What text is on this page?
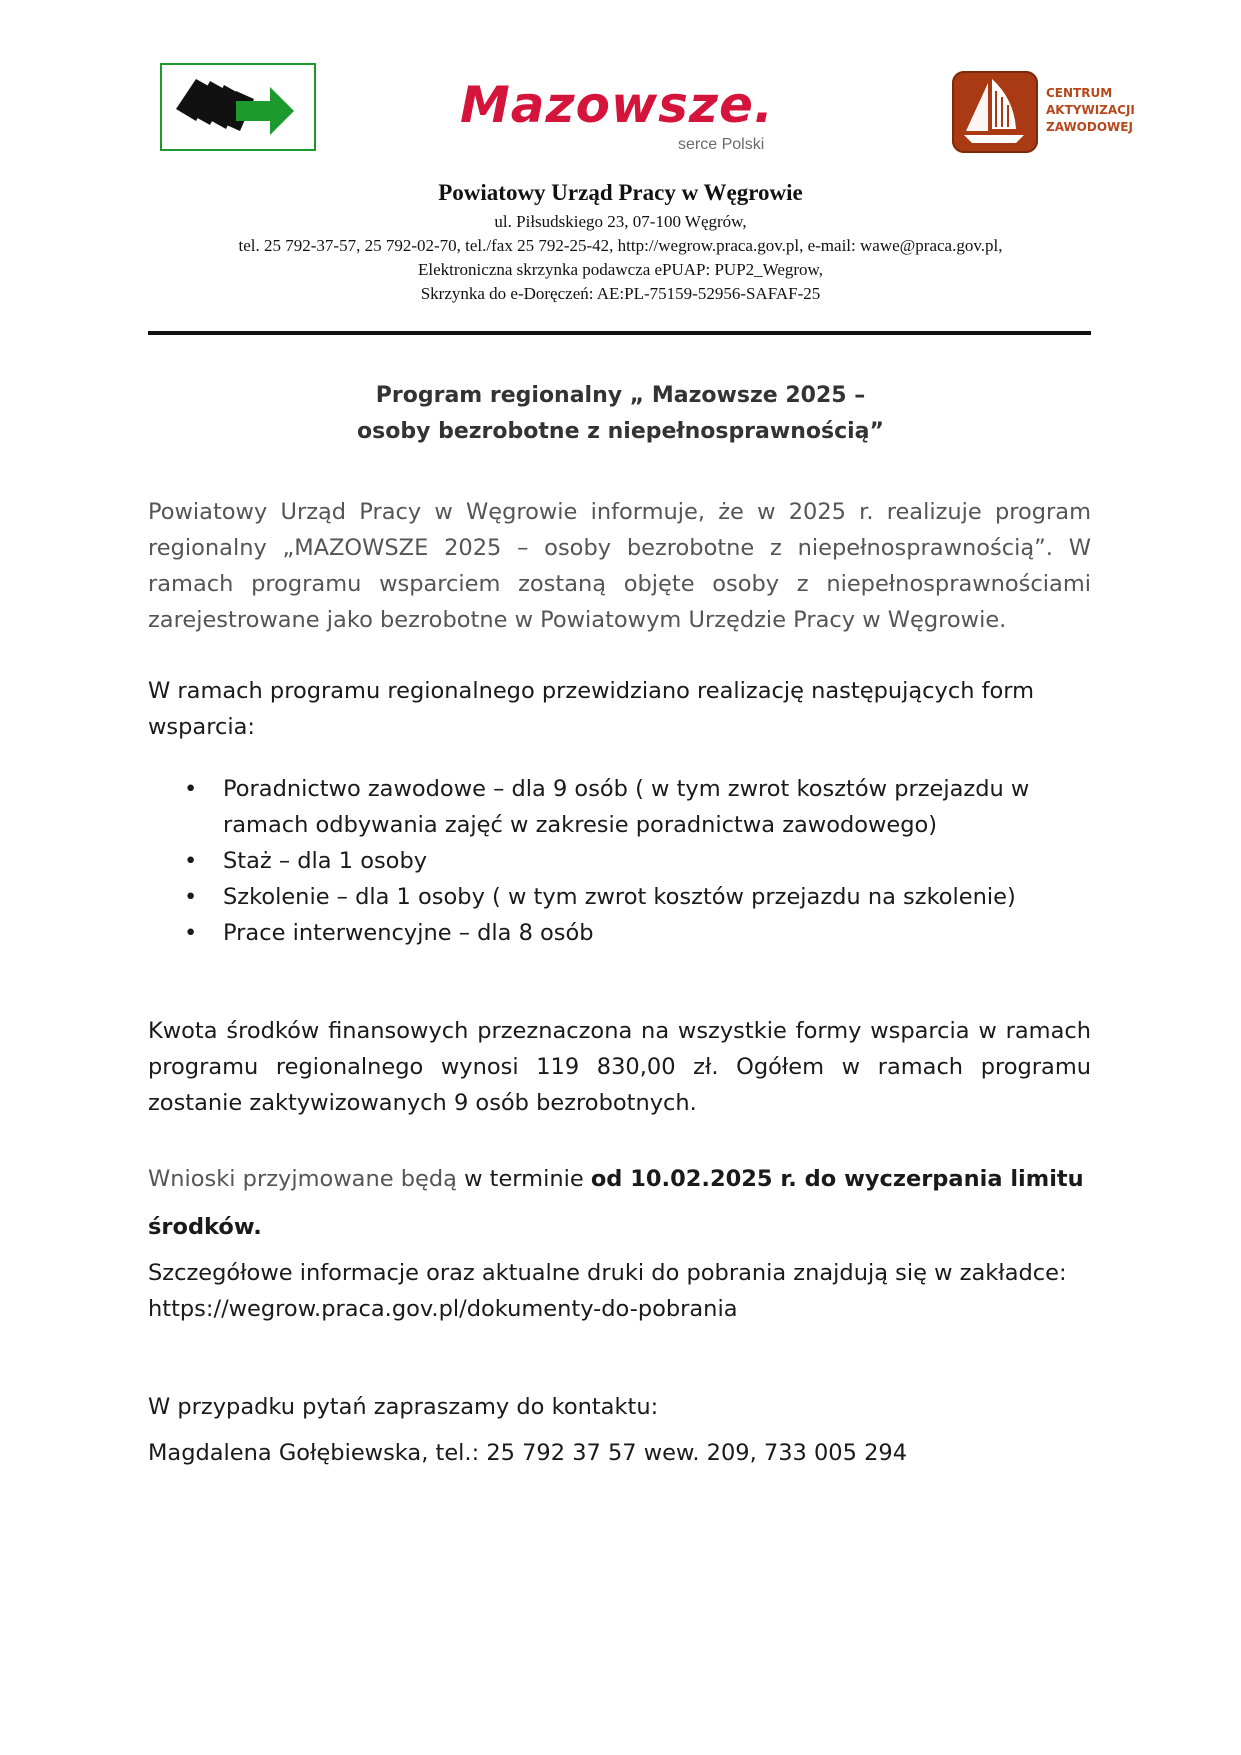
Mazowsze.
serce Polski
CENTRUM
AKTYWIZACJI
ZAWODOWEJ
Powiatowy Urząd Pracy w Węgrowie
ul. Piłsudskiego 23, 07-100 Węgrów,
tel. 25 792-37-57, 25 792-02-70, tel./fax 25 792-25-42, http://wegrow.praca.gov.pl, e-mail: wawe@praca.gov.pl,
Elektroniczna skrzynka podawcza ePUAP: PUP2_Wegrow,
Skrzynka do e-Doręczeń: AE:PL-75159-52956-SAFAF-25
Program regionalny „ Mazowsze 2025 –
osoby bezrobotne z niepełnosprawnością”
Powiatowy Urząd Pracy w Węgrowie informuje, że w 2025 r. realizuje program regionalny „MAZOWSZE 2025 – osoby bezrobotne z niepełnosprawnością”. W ramach programu wsparciem zostaną objęte osoby z niepełnosprawnościami zarejestrowane jako bezrobotne w Powiatowym Urzędzie Pracy w Węgrowie.
W ramach programu regionalnego przewidziano realizację następujących form wsparcia:
• Poradnictwo zawodowe – dla 9 osób ( w tym zwrot kosztów przejazdu w ramach odbywania zajęć w zakresie poradnictwa zawodowego)
• Staż – dla 1 osoby
• Szkolenie – dla 1 osoby ( w tym zwrot kosztów przejazdu na szkolenie)
• Prace interwencyjne – dla 8 osób
Kwota środków finansowych przeznaczona na wszystkie formy wsparcia w ramach programu regionalnego wynosi 119 830,00 zł. Ogółem w ramach programu zostanie zaktywizowanych 9 osób bezrobotnych.
Wnioski przyjmowane będą w terminie od 10.02.2025 r. do wyczerpania limitu środków.
Szczegółowe informacje oraz aktualne druki do pobrania znajdują się w zakładce:
https://wegrow.praca.gov.pl/dokumenty-do-pobrania
W przypadku pytań zapraszamy do kontaktu:
Magdalena Gołębiewska, tel.: 25 792 37 57 wew. 209, 733 005 294
